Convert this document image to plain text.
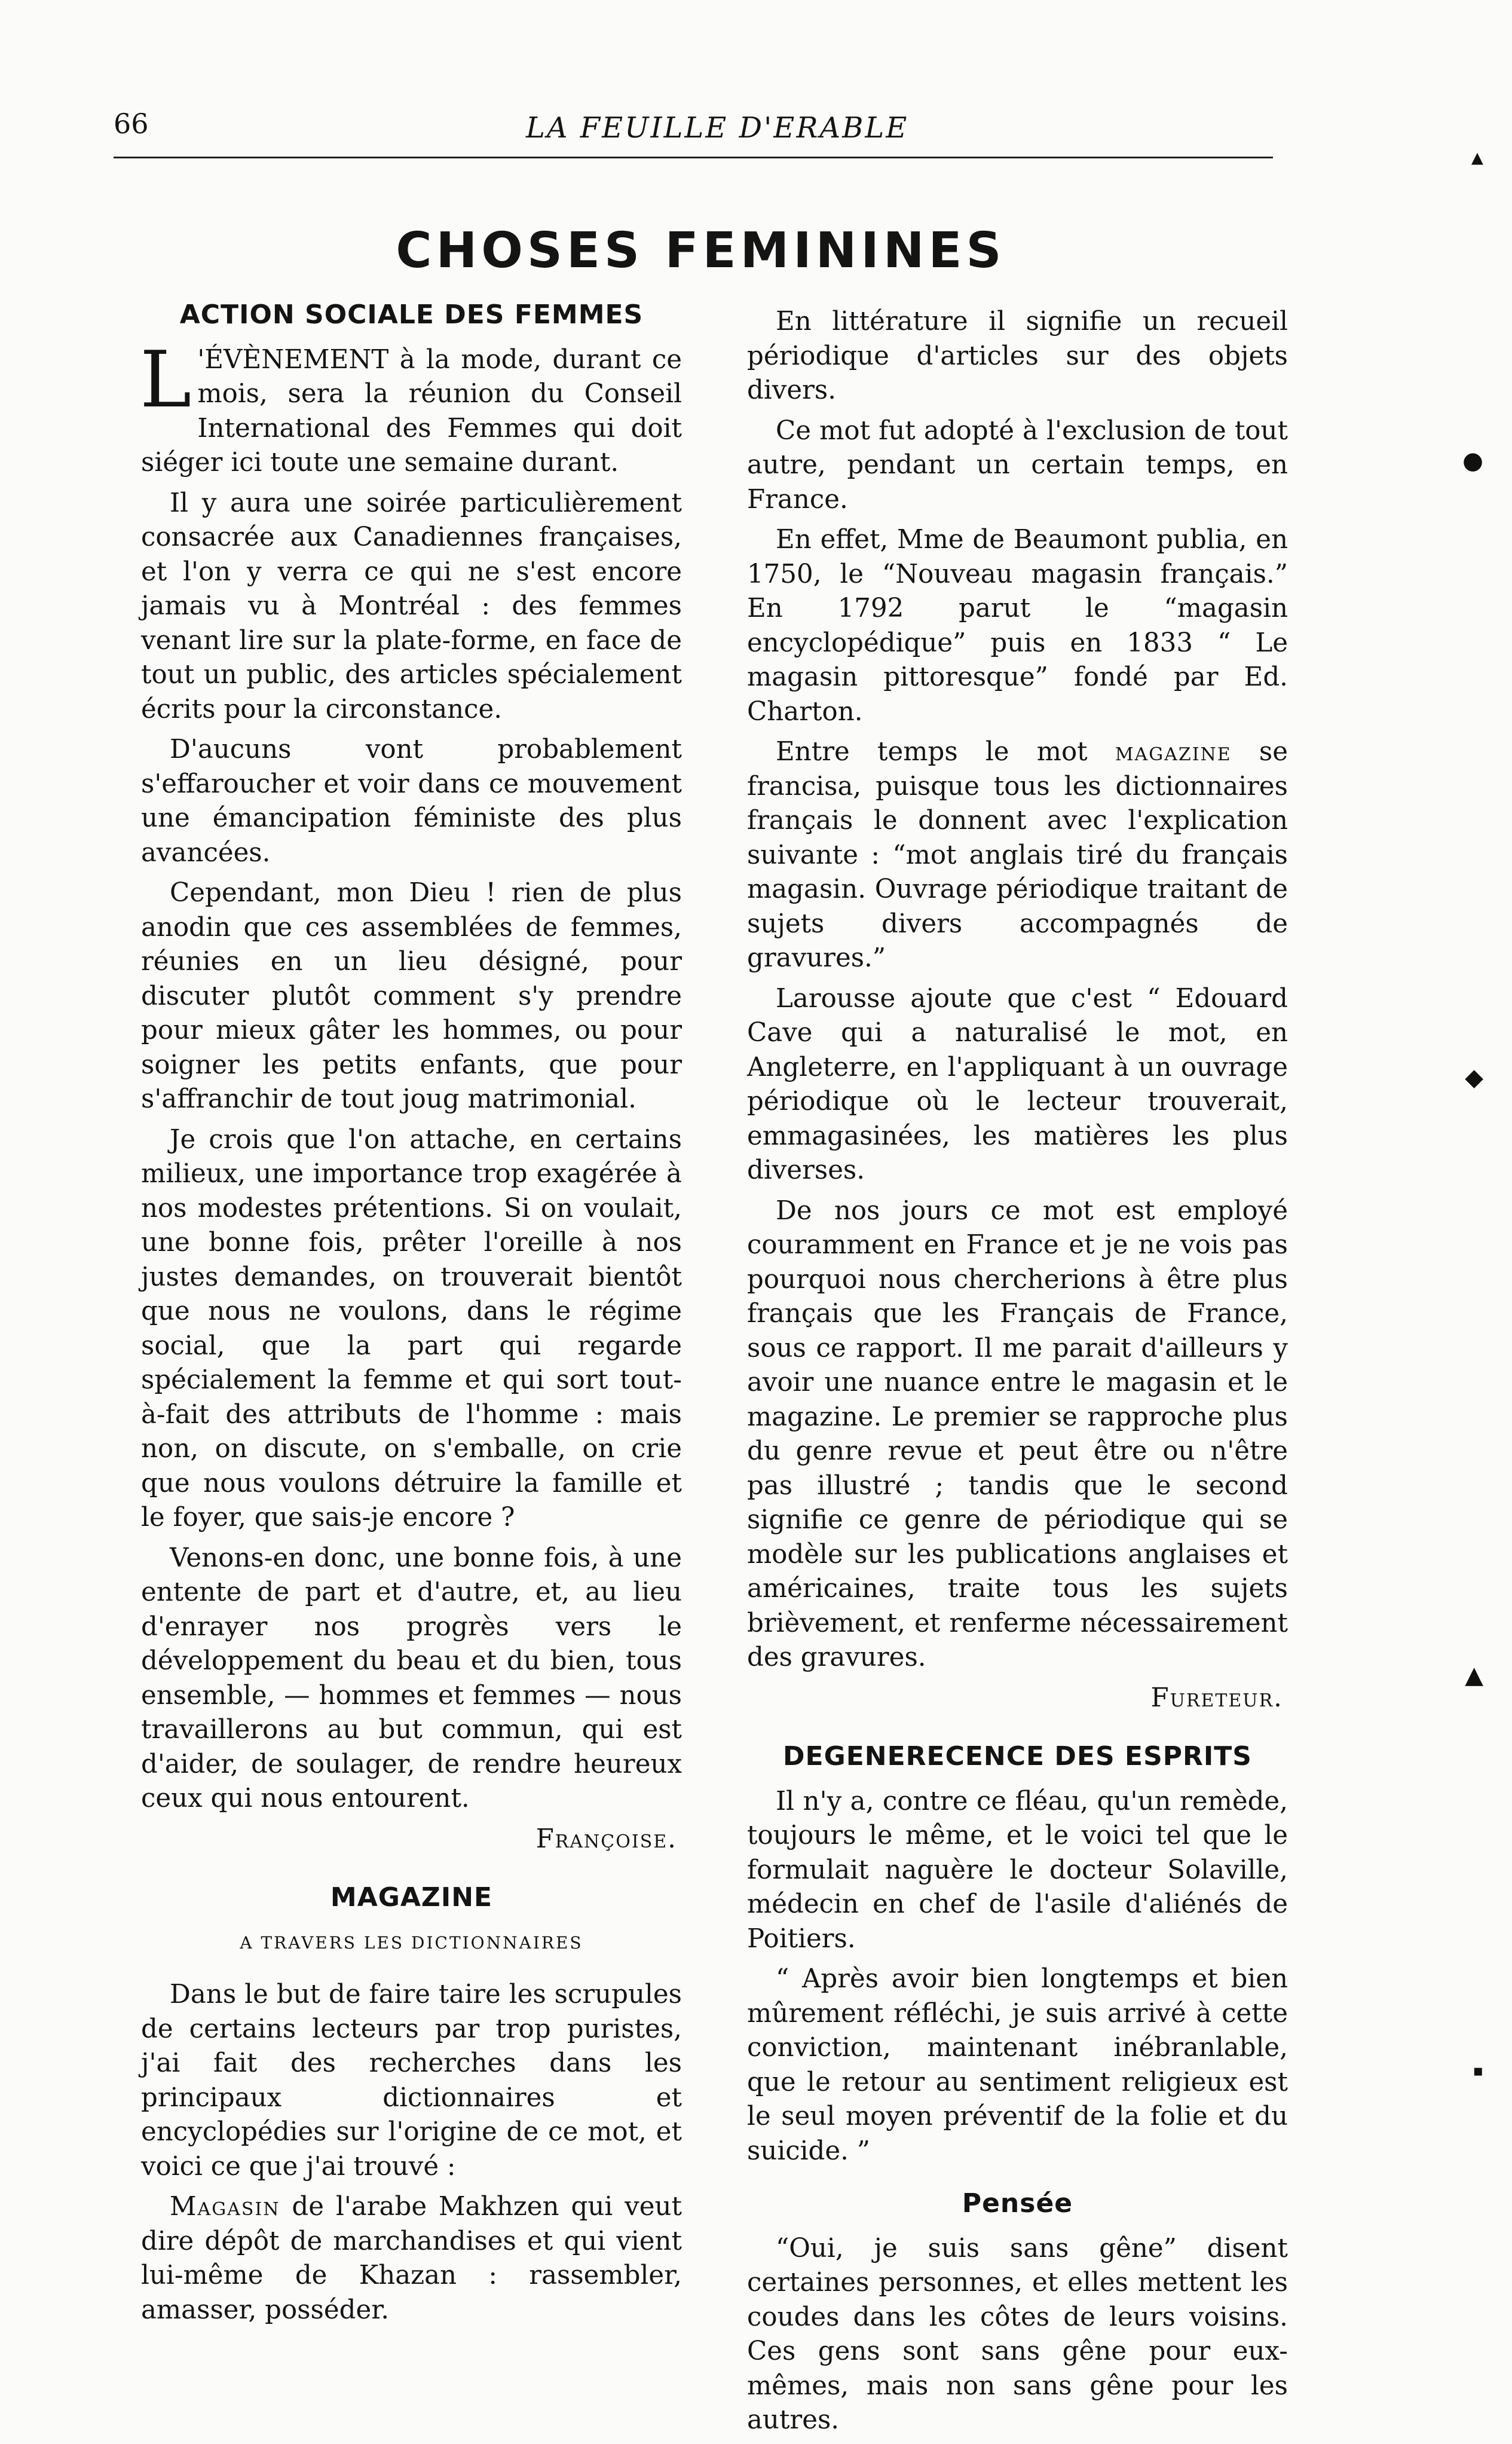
66	LA FEUILLE D'ERABLE
CHOSES FEMININES
ACTION SOCIALE DES FEMMES

L 'ÉVÈNEMENT à la mode, durant ce mois, sera la réunion du Conseil International des Femmes qui doit siéger ici toute une semaine durant.

Il y aura une soirée particulièrement consacrée aux Canadiennes françaises, et l'on y verra ce qui ne s'est encore jamais vu à Montréal : des femmes venant lire sur la plate-forme, en face de tout un public, des articles spécialement écrits pour la circonstance.

D'aucuns vont probablement s'effaroucher et voir dans ce mouvement une émancipation féministe des plus avancées.

Cependant, mon Dieu ! rien de plus anodin que ces assemblées de femmes, réunies en un lieu désigné, pour discuter plutôt comment s'y prendre pour mieux gâter les hommes, ou pour soigner les petits enfants, que pour s'affranchir de tout joug matrimonial.

Je crois que l'on attache, en certains milieux, une importance trop exagérée à nos modestes prétentions. Si on voulait, une bonne fois, prêter l'oreille à nos justes demandes, on trouverait bientôt que nous ne voulons, dans le régime social, que la part qui regarde spécialement la femme et qui sort tout-à-fait des attributs de l'homme : mais non, on discute, on s'emballe, on crie que nous voulons détruire la famille et le foyer, que sais-je encore ?

Venons-en donc, une bonne fois, à une entente de part et d'autre, et, au lieu d'enrayer nos progrès vers le développement du beau et du bien, tous ensemble, — hommes et femmes — nous travaillerons au but commun, qui est d'aider, de soulager, de rendre heureux ceux qui nous entourent.

Françoise.
MAGAZINE
A TRAVERS LES DICTIONNAIRES

Dans le but de faire taire les scrupules de certains lecteurs par trop puristes, j'ai fait des recherches dans les principaux dictionnaires et encyclopédies sur l'origine de ce mot, et voici ce que j'ai trouvé :

Magasin de l'arabe Makhzen qui veut dire dépôt de marchandises et qui vient lui-même de Khazan : rassembler, amasser, posséder.

En littérature il signifie un recueil périodique d'articles sur des objets divers.

Ce mot fut adopté à l'exclusion de tout autre, pendant un certain temps, en France.

En effet, Mme de Beaumont publia, en 1750, le “Nouveau magasin français.” En 1792 parut le “magasin encyclopédique” puis en 1833 “ Le magasin pittoresque” fondé par Ed. Charton.

Entre temps le mot magazine se francisa, puisque tous les dictionnaires français le donnent avec l'explication suivante : “mot anglais tiré du français magasin. Ouvrage périodique traitant de sujets divers accompagnés de gravures.”

Larousse ajoute que c'est “ Edouard Cave qui a naturalisé le mot, en Angleterre, en l'appliquant à un ouvrage périodique où le lecteur trouverait, emmagasinées, les matières les plus diverses.

De nos jours ce mot est employé couramment en France et je ne vois pas pourquoi nous chercherions à être plus français que les Français de France, sous ce rapport. Il me parait d'ailleurs y avoir une nuance entre le magasin et le magazine. Le premier se rapproche plus du genre revue et peut être ou n'être pas illustré ; tandis que le second signifie ce genre de périodique qui se modèle sur les publications anglaises et américaines, traite tous les sujets brièvement, et renferme nécessairement des gravures.

Fureteur.
DEGENERECENCE DES ESPRITS

Il n'y a, contre ce fléau, qu'un remède, toujours le même, et le voici tel que le formulait naguère le docteur Solaville, médecin en chef de l'asile d'aliénés de Poitiers.

“ Après avoir bien longtemps et bien mûrement réfléchi, je suis arrivé à cette conviction, maintenant inébranlable, que le retour au sentiment religieux est le seul moyen préventif de la folie et du suicide. ”

Pensée

“Oui, je suis sans gêne” disent certaines personnes, et elles mettent les coudes dans les côtes de leurs voisins. Ces gens sont sans gêne pour eux-mêmes, mais non sans gêne pour les autres.

▴
●
◆
▲
▪
